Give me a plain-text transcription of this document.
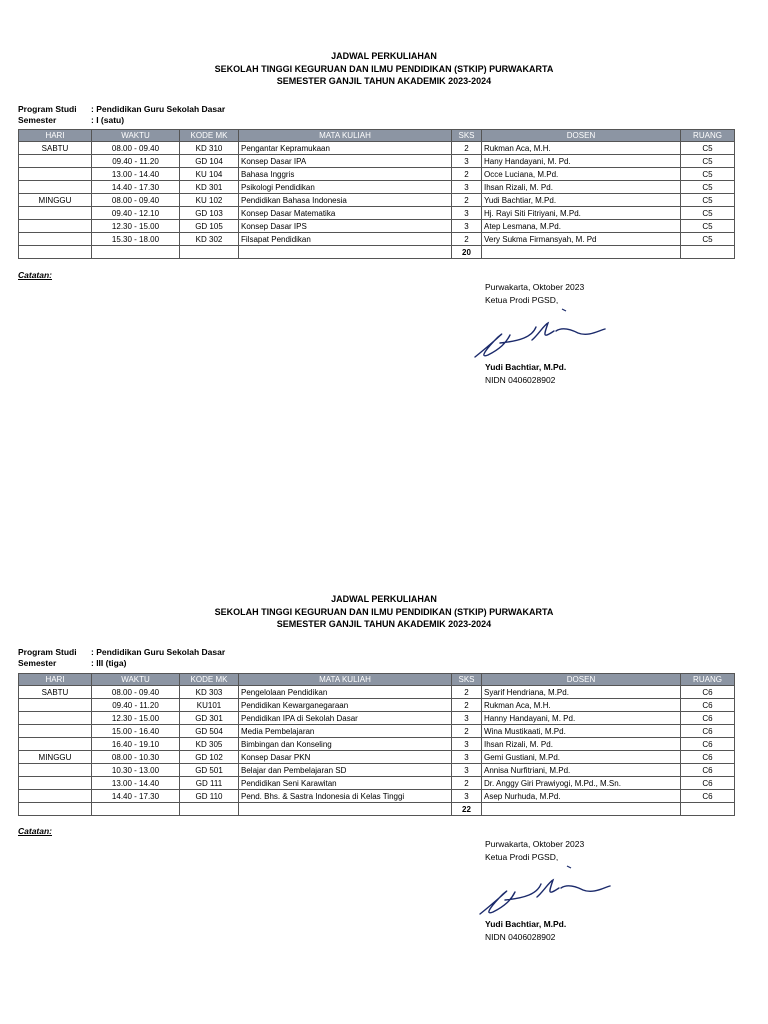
JADWAL PERKULIAHAN
SEKOLAH TINGGI KEGURUAN DAN ILMU PENDIDIKAN (STKIP) PURWAKARTA
SEMESTER GANJIL TAHUN AKADEMIK 2023-2024
Program Studi : Pendidikan Guru Sekolah Dasar
Semester	: I (satu)
HARI	WAKTU	KODE MK	MATA KULIAH	SKS	DOSEN	RUANG
SABTU	08.00 - 09.40	KD 310	Pengantar Kepramukaan	2	Rukman Aca, M.H.	C5
	09.40 - 11.20	GD 104	Konsep Dasar IPA	3	Hany Handayani, M. Pd.	C5
	13.00 - 14.40	KU 104	Bahasa Inggris	2	Occe Luciana, M.Pd.	C5
	14.40 - 17.30	KD 301	Psikologi Pendidikan	3	Ihsan Rizali, M. Pd.	C5
MINGGU	08.00 - 09.40	KU 102	Pendidikan Bahasa Indonesia	2	Yudi Bachtiar, M.Pd.	C5
	09.40 - 12.10	GD 103	Konsep Dasar Matematika	3	Hj. Rayi Siti Fitriyani, M.Pd.	C5
	12.30 - 15.00	GD 105	Konsep Dasar IPS	3	Atep Lesmana, M.Pd.	C5
	15.30 - 18.00	KD 302	Filsapat Pendidikan	2	Very Sukma Firmansyah, M. Pd	C5
				20		
Catatan:
Purwakarta, Oktober 2023
Ketua Prodi PGSD,
Yudi Bachtiar, M.Pd.
NIDN 0406028902
JADWAL PERKULIAHAN
SEKOLAH TINGGI KEGURUAN DAN ILMU PENDIDIKAN (STKIP) PURWAKARTA
SEMESTER GANJIL TAHUN AKADEMIK 2023-2024
Program Studi : Pendidikan Guru Sekolah Dasar
Semester	: III (tiga)
HARI	WAKTU	KODE MK	MATA KULIAH	SKS	DOSEN	RUANG
SABTU	08.00 - 09.40	KD 303	Pengelolaan Pendidikan	2	Syarif Hendriana, M.Pd.	C6
	09.40 - 11.20	KU101	Pendidikan Kewarganegaraan	2	Rukman Aca, M.H.	C6
	12.30 - 15.00	GD 301	Pendidikan IPA di Sekolah Dasar	3	Hanny Handayani, M. Pd.	C6
	15.00 - 16.40	GD 504	Media Pembelajaran	2	Wina Mustikaati, M.Pd.	C6
	16.40 - 19.10	KD 305	Bimbingan dan Konseling	3	Ihsan Rizali, M. Pd.	C6
MINGGU	08.00 - 10.30	GD 102	Konsep Dasar PKN	3	Gemi Gustiani, M.Pd.	C6
	10.30 - 13.00	GD 501	Belajar dan Pembelajaran SD	3	Annisa Nurfitriani, M.Pd.	C6
	13.00 - 14.40	GD 111	Pendidikan Seni Karawitan	2	Dr. Anggy Giri Prawiyogi, M.Pd., M.Sn.	C6
	14.40 - 17.30	GD 110	Pend. Bhs. & Sastra Indonesia di Kelas Tinggi	3	Asep Nurhuda, M.Pd.	C6
				22		
Catatan:
Purwakarta, Oktober 2023
Ketua Prodi PGSD,
Yudi Bachtiar, M.Pd.
NIDN 0406028902
